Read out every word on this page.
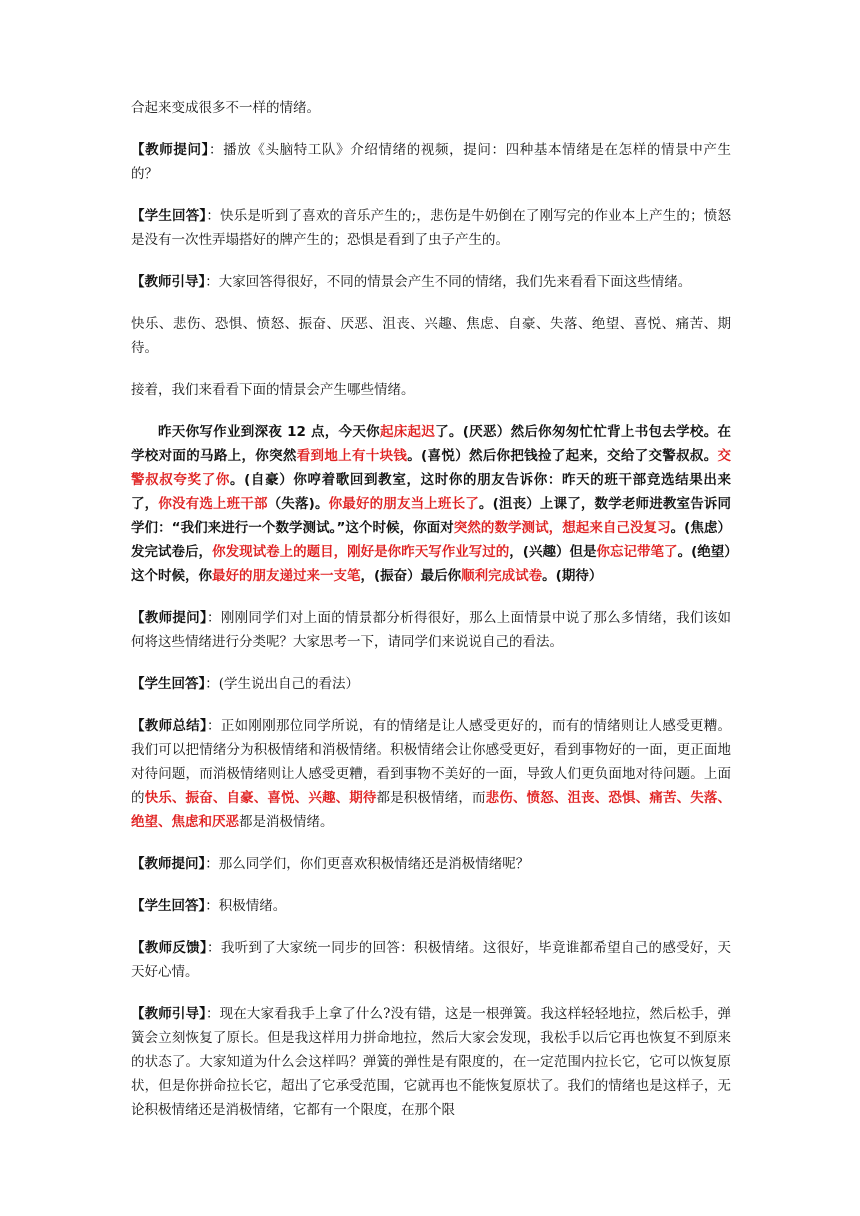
合起来变成很多不一样的情绪。

【教师提问】：播放《头脑特工队》介绍情绪的视频，提问：四种基本情绪是在怎样的情景中产生的？

【学生回答】：快乐是听到了喜欢的音乐产生的;，悲伤是牛奶倒在了刚写完的作业本上产生的；愤怒是没有一次性弄塌搭好的牌产生的；恐惧是看到了虫子产生的。

【教师引导】：大家回答得很好，不同的情景会产生不同的情绪，我们先来看看下面这些情绪。

快乐、悲伤、恐惧、愤怒、振奋、厌恶、沮丧、兴趣、焦虑、自豪、失落、绝望、喜悦、痛苦、期待。

接着，我们来看看下面的情景会产生哪些情绪。

昨天你写作业到深夜 12 点，今天你起床起迟了。(厌恶）然后你匆匆忙忙背上书包去学校。在学校对面的马路上，你突然看到地上有十块钱。(喜悦）然后你把钱捡了起来，交给了交警叔叔。交警叔叔夸奖了你。(自豪）你哼着歌回到教室，这时你的朋友告诉你：昨天的班干部竞选结果出来了，你没有选上班干部（失落)。你最好的朋友当上班长了。(沮丧）上课了，数学老师进教室告诉同学们：“我们来进行一个数学测试。”这个时候，你面对突然的数学测试，想起来自己没复习。(焦虑）发完试卷后，你发现试卷上的题目，刚好是你昨天写作业写过的，(兴趣）但是你忘记带笔了。(绝望）这个时候，你最好的朋友递过来一支笔，(振奋）最后你顺利完成试卷。(期待）

【教师提问】：刚刚同学们对上面的情景都分析得很好，那么上面情景中说了那么多情绪，我们该如何将这些情绪进行分类呢？大家思考一下，请同学们来说说自己的看法。

【学生回答】：(学生说出自己的看法）

【教师总结】：正如刚刚那位同学所说，有的情绪是让人感受更好的，而有的情绪则让人感受更糟。我们可以把情绪分为积极情绪和消极情绪。积极情绪会让你感受更好，看到事物好的一面，更正面地对待问题，而消极情绪则让人感受更糟，看到事物不美好的一面，导致人们更负面地对待问题。上面的快乐、振奋、自豪、喜悦、兴趣、期待都是积极情绪，而悲伤、愤怒、沮丧、恐惧、痛苦、失落、绝望、焦虑和厌恶都是消极情绪。

【教师提问】：那么同学们，你们更喜欢积极情绪还是消极情绪呢？

【学生回答】：积极情绪。

【教师反馈】：我听到了大家统一同步的回答：积极情绪。这很好，毕竟谁都希望自己的感受好，天天好心情。

【教师引导】：现在大家看我手上拿了什么?没有错，这是一根弹簧。我这样轻轻地拉，然后松手，弹簧会立刻恢复了原长。但是我这样用力拼命地拉，然后大家会发现，我松手以后它再也恢复不到原来的状态了。大家知道为什么会这样吗？弹簧的弹性是有限度的，在一定范围内拉长它，它可以恢复原状，但是你拼命拉长它，超出了它承受范围，它就再也不能恢复原状了。我们的情绪也是这样子，无论积极情绪还是消极情绪，它都有一个限度，在那个限
